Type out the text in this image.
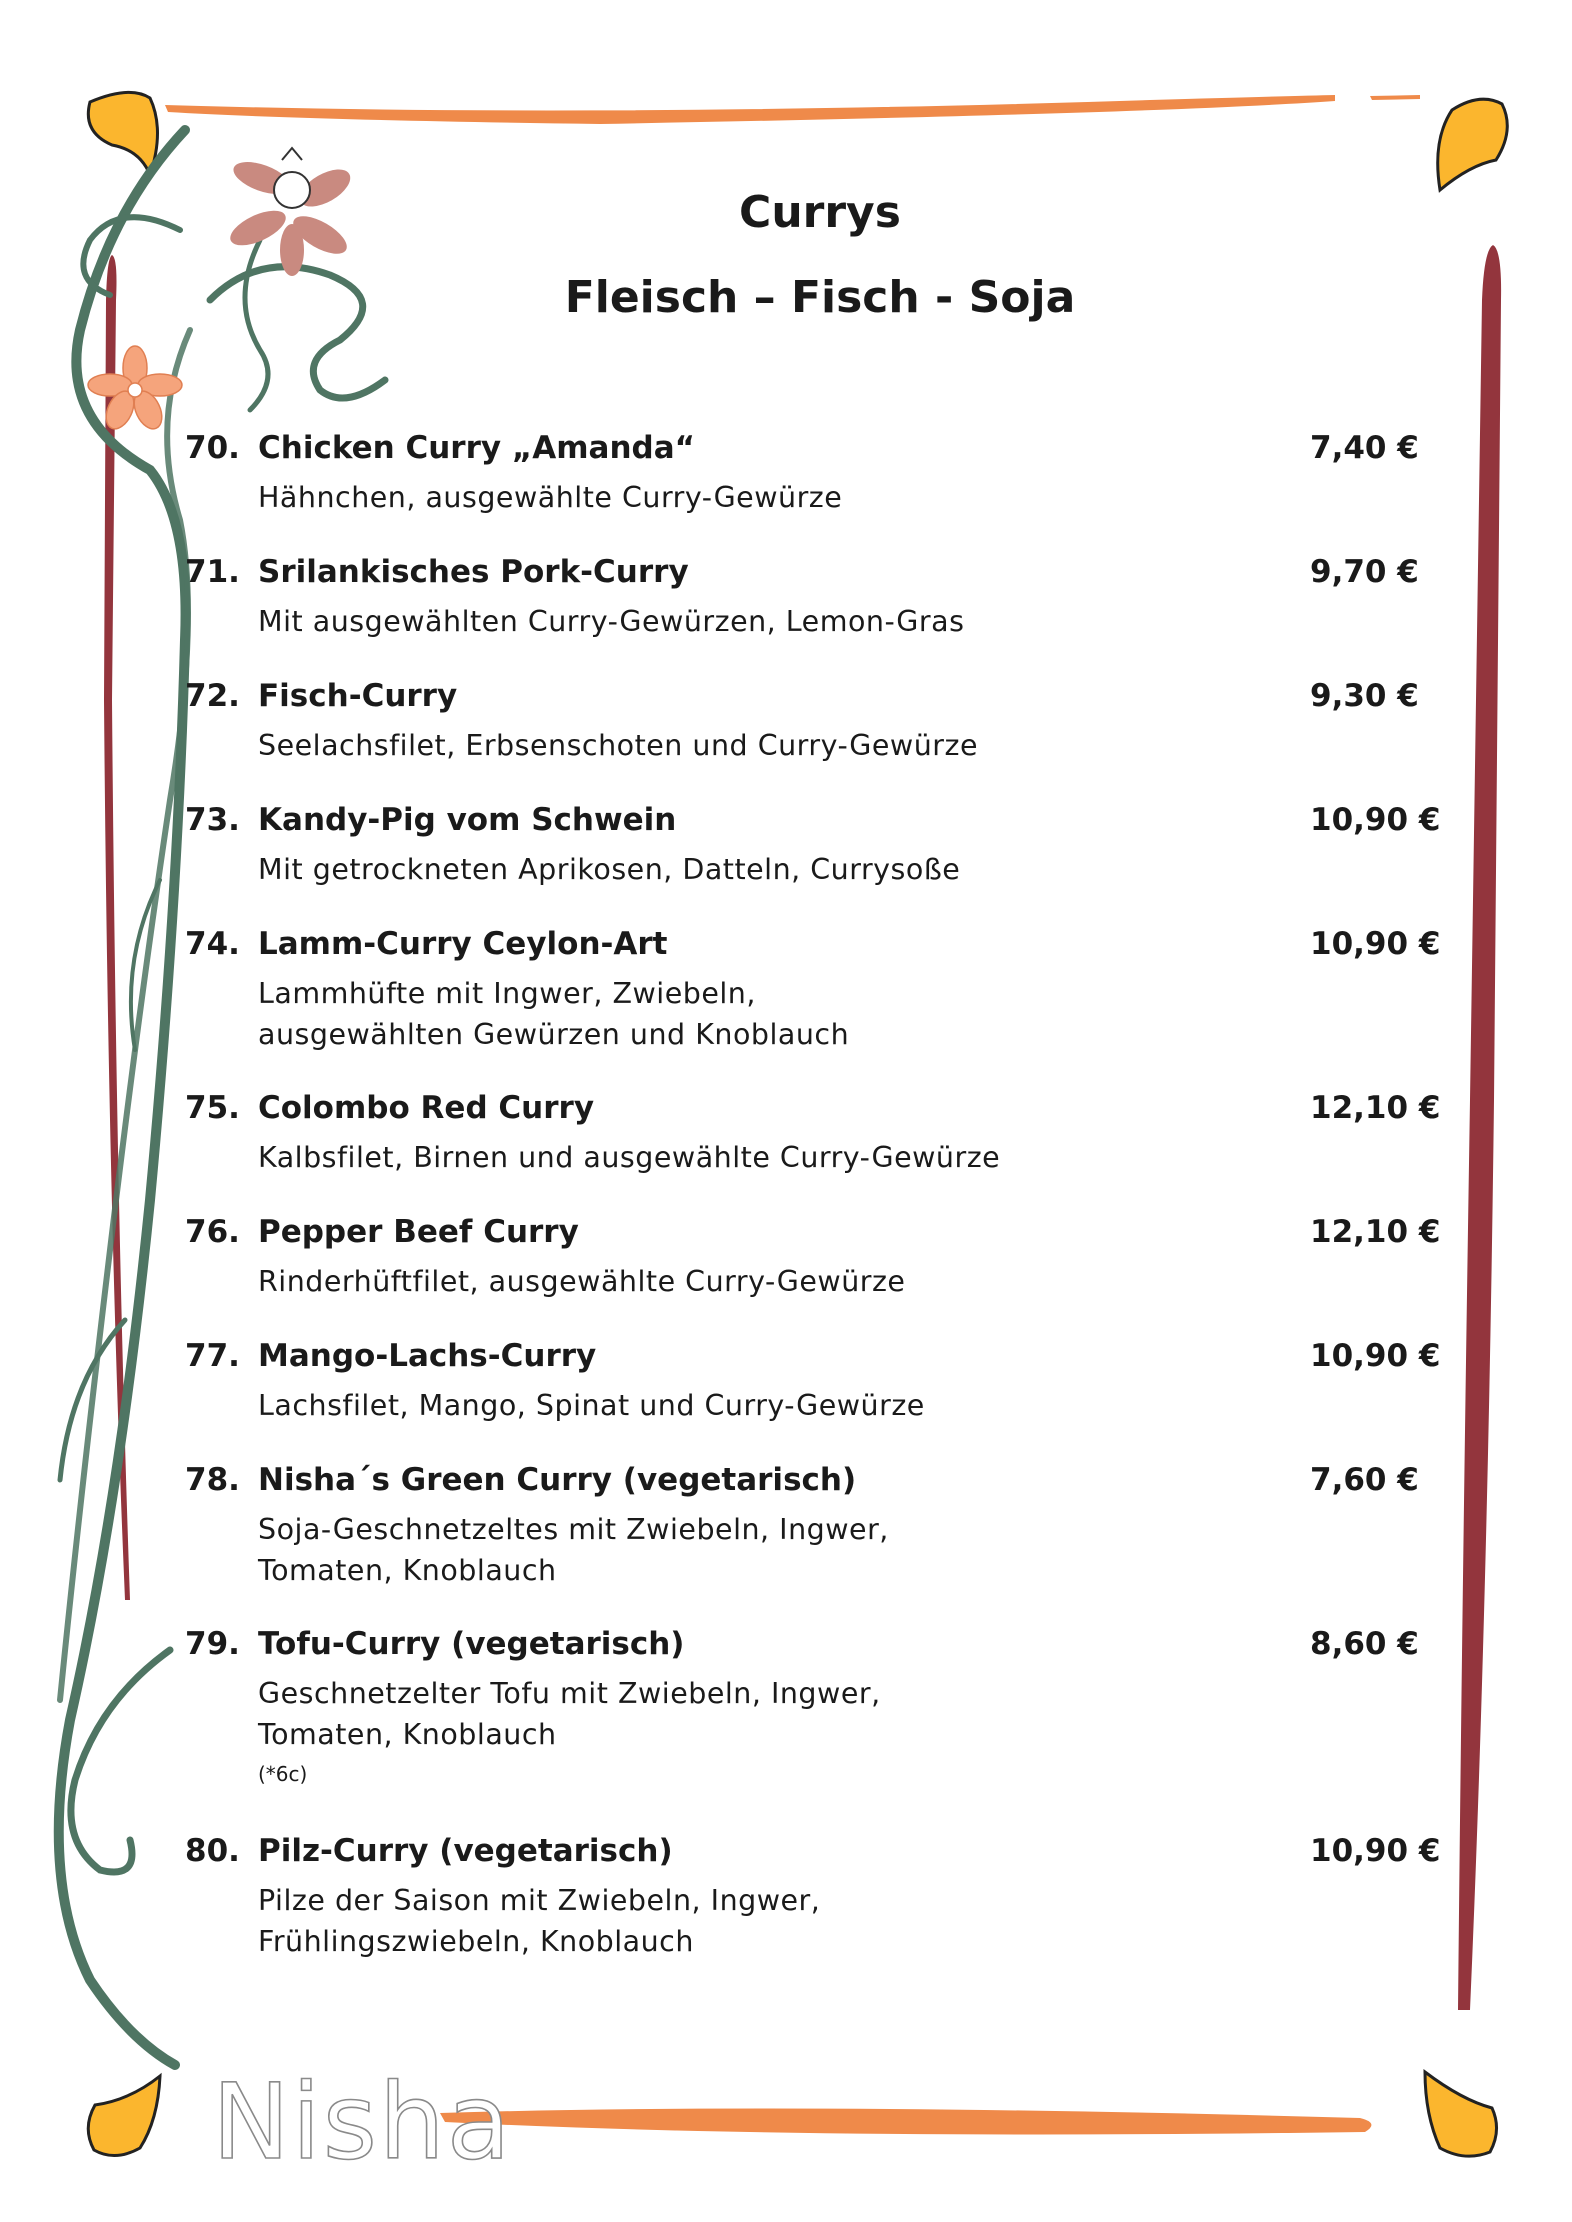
Currys
Fleisch – Fisch - Soja
70. Chicken Curry „Amanda“	7,40 €
Hähnchen, ausgewählte Curry-Gewürze
71. Srilankisches Pork-Curry	9,70 €
Mit ausgewählten Curry-Gewürzen, Lemon-Gras
72. Fisch-Curry	9,30 €
Seelachsfilet, Erbsenschoten und Curry-Gewürze
73. Kandy-Pig vom Schwein	10,90 €
Mit getrockneten Aprikosen, Datteln, Currysoße
74. Lamm-Curry Ceylon-Art	10,90 €
Lammhüfte mit Ingwer, Zwiebeln,
ausgewählten Gewürzen und Knoblauch
75. Colombo Red Curry	12,10 €
Kalbsfilet, Birnen und ausgewählte Curry-Gewürze
76. Pepper Beef Curry	12,10 €
Rinderhüftfilet, ausgewählte Curry-Gewürze
77. Mango-Lachs-Curry	10,90 €
Lachsfilet, Mango, Spinat und Curry-Gewürze
78. Nisha´s Green Curry (vegetarisch)	7,60 €
Soja-Geschnetzeltes mit Zwiebeln, Ingwer,
Tomaten, Knoblauch
79. Tofu-Curry (vegetarisch)	8,60 €
Geschnetzelter Tofu mit Zwiebeln, Ingwer,
Tomaten, Knoblauch
(*6c)
80. Pilz-Curry (vegetarisch)	10,90 €
Pilze der Saison mit Zwiebeln, Ingwer,
Frühlingszwiebeln, Knoblauch
Nisha
